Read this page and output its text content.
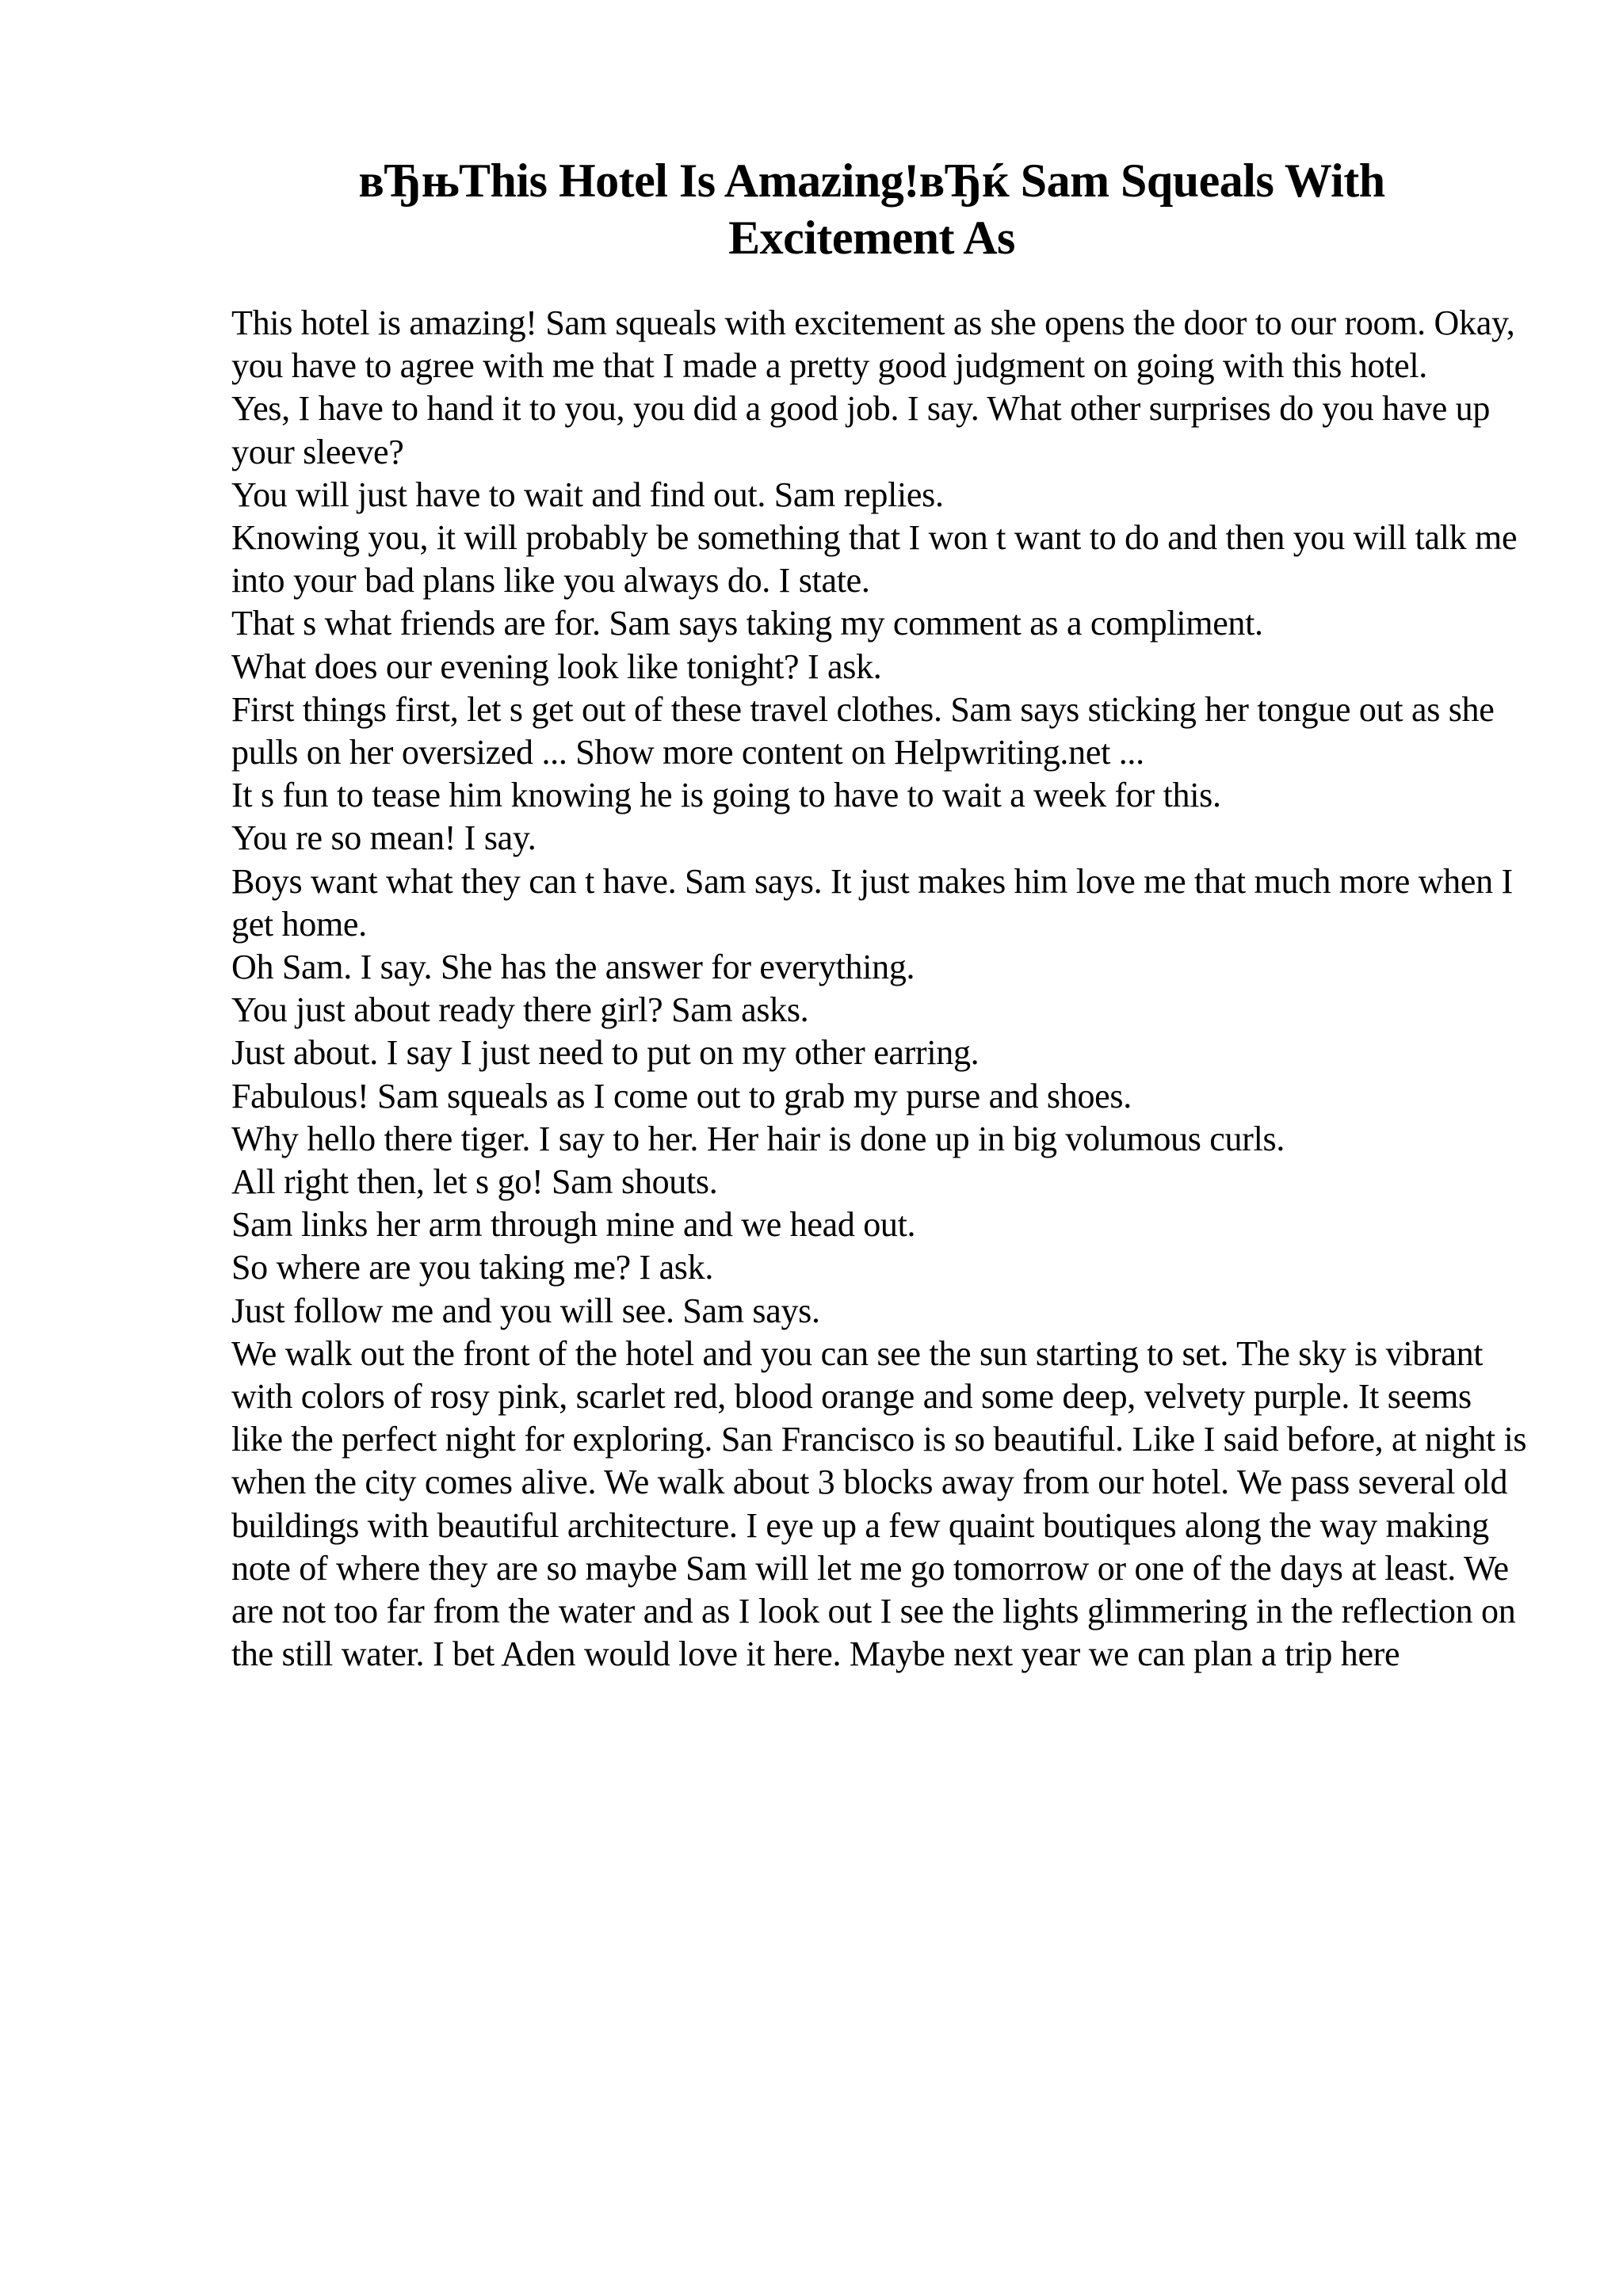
вЂњThis Hotel Is Amazing!вЂќ Sam Squeals With Excitement As

This hotel is amazing! Sam squeals with excitement as she opens the door to our room. Okay, you have to agree with me that I made a pretty good judgment on going with this hotel.

Yes, I have to hand it to you, you did a good job. I say. What other surprises do you have up your sleeve?

You will just have to wait and find out. Sam replies.

Knowing you, it will probably be something that I won t want to do and then you will talk me into your bad plans like you always do. I state.

That s what friends are for. Sam says taking my comment as a compliment.

What does our evening look like tonight? I ask.

First things first, let s get out of these travel clothes. Sam says sticking her tongue out as she pulls on her oversized ... Show more content on Helpwriting.net ...

It s fun to tease him knowing he is going to have to wait a week for this.

You re so mean! I say.

Boys want what they can t have. Sam says. It just makes him love me that much more when I get home.

Oh Sam. I say. She has the answer for everything.

You just about ready there girl? Sam asks.

Just about. I say I just need to put on my other earring.

Fabulous! Sam squeals as I come out to grab my purse and shoes.

Why hello there tiger. I say to her. Her hair is done up in big volumous curls.

All right then, let s go! Sam shouts.

Sam links her arm through mine and we head out.

So where are you taking me? I ask.

Just follow me and you will see. Sam says.

We walk out the front of the hotel and you can see the sun starting to set. The sky is vibrant with colors of rosy pink, scarlet red, blood orange and some deep, velvety purple. It seems like the perfect night for exploring. San Francisco is so beautiful. Like I said before, at night is when the city comes alive. We walk about 3 blocks away from our hotel. We pass several old buildings with beautiful architecture. I eye up a few quaint boutiques along the way making note of where they are so maybe Sam will let me go tomorrow or one of the days at least. We are not too far from the water and as I look out I see the lights glimmering in the reflection on the still water. I bet Aden would love it here. Maybe next year we can plan a trip here
